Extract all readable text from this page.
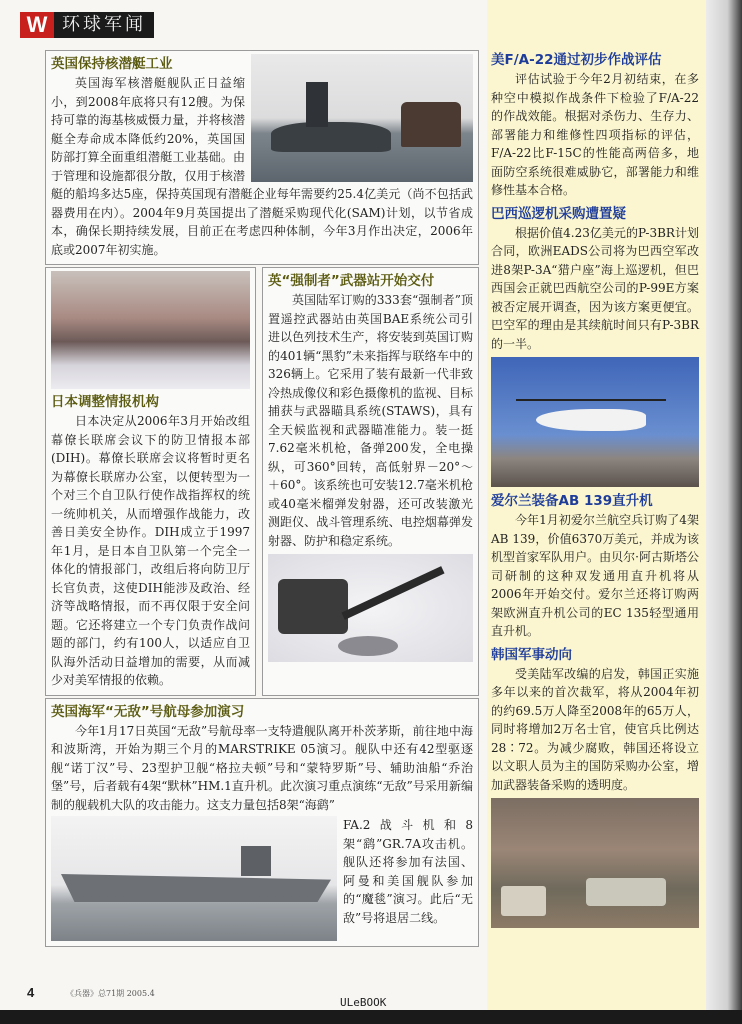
W 环球军闻
英国保持核潜艇工业
英国海军核潜艇舰队正日益缩小，到2008年底将只有12艘。为保持可靠的海基核威慑力量，并将核潜艇全寿命成本降低约20%，英国国防部打算全面重组潜艇工业基础。由于管理和设施都很分散，仅用于核潜艇的船坞多达5座，保持英国现有潜艇企业每年需要约25.4亿美元（尚不包括武器费用在内）。2004年9月英国提出了潜艇采购现代化(SAM)计划，以节省成本，确保长期持续发展，目前正在考虑四种体制，今年3月作出决定，2006年底或2007年初实施。
日本调整情报机构
日本决定从2006年3月开始改组幕僚长联席会议下的防卫情报本部(DIH)。幕僚长联席会议将暂时更名为幕僚长联席办公室，以便转型为一个对三个自卫队行使作战指挥权的统一统帅机关，从而增强作战能力，改善日美安全协作。DIH成立于1997年1月，是日本自卫队第一个完全一体化的情报部门，改组后将向防卫厅长官负责，这使DIH能涉及政治、经济等战略情报，而不再仅限于安全问题。它还将建立一个专门负责作战问题的部门，约有100人，以适应自卫队海外活动日益增加的需要，从而减少对美军情报的依赖。
英“强制者”武器站开始交付
英国陆军订购的333套“强制者”顶置遥控武器站由英国BAE系统公司引进以色列技术生产，将安装到英国订购的401辆“黑豹”未来指挥与联络车中的326辆上。它采用了装有最新一代非致冷热成像仪和彩色摄像机的监视、目标捕获与武器瞄具系统(STAWS)，具有全天候监视和武器瞄准能力。装一挺7.62毫米机枪，备弹200发，全电操纵，可360°回转，高低射界－20°～＋60°。该系统也可安装12.7毫米机枪或40毫米榴弹发射器，还可改装激光测距仪、战斗管理系统、电控烟幕弹发射器、防护和稳定系统。
英国海军“无敌”号航母参加演习
今年1月17日英国“无敌”号航母率一支特遣舰队离开朴茨茅斯，前往地中海和波斯湾，开始为期三个月的MARSTRIKE 05演习。舰队中还有42型驱逐舰“诺丁汉”号、23型护卫舰“格拉夫顿”号和“蒙特罗斯”号、辅助油船“乔治堡”号，后者载有4架“默林”HM.1直升机。此次演习重点演练“无敌”号采用新编制的舰载机大队的攻击能力。这支力量包括8架“海鹞”
FA.2战斗机和8架“鹞”GR.7A攻击机。舰队还将参加有法国、阿曼和美国舰队参加的“魔毯”演习。此后“无敌”号将退居二线。
美F/A-22通过初步作战评估
评估试验于今年2月初结束，在多种空中模拟作战条件下检验了F/A-22的作战效能。根据对杀伤力、生存力、部署能力和维修性四项指标的评估，F/A-22比F-15C的性能高两倍多，地面防空系统很难威胁它，部署能力和维修性基本合格。
巴西巡逻机采购遭置疑
根据价值4.23亿美元的P-3BR计划合同，欧洲EADS公司将为巴西空军改进8架P-3A“猎户座”海上巡逻机，但巴西国会正就巴西航空公司的P-99E方案被否定展开调查，因为该方案更便宜。巴空军的理由是其续航时间只有P-3BR的一半。
爱尔兰装备AB 139直升机
今年1月初爱尔兰航空兵订购了4架AB 139，价值6370万美元，并成为该机型首家军队用户。由贝尔·阿古斯塔公司研制的这种双发通用直升机将从2006年开始交付。爱尔兰还将订购两架欧洲直升机公司的EC 135轻型通用直升机。
韩国军事动向
受美陆军改编的启发，韩国正实施多年以来的首次裁军，将从2004年初的约69.5万人降至2008年的65万人，同时将增加2万名士官，使官兵比例达28∶72。为减少腐败，韩国还将设立以文职人员为主的国防采购办公室，增加武器装备采购的透明度。
4	《兵器》总71期 2005.4
ULeBOOK
